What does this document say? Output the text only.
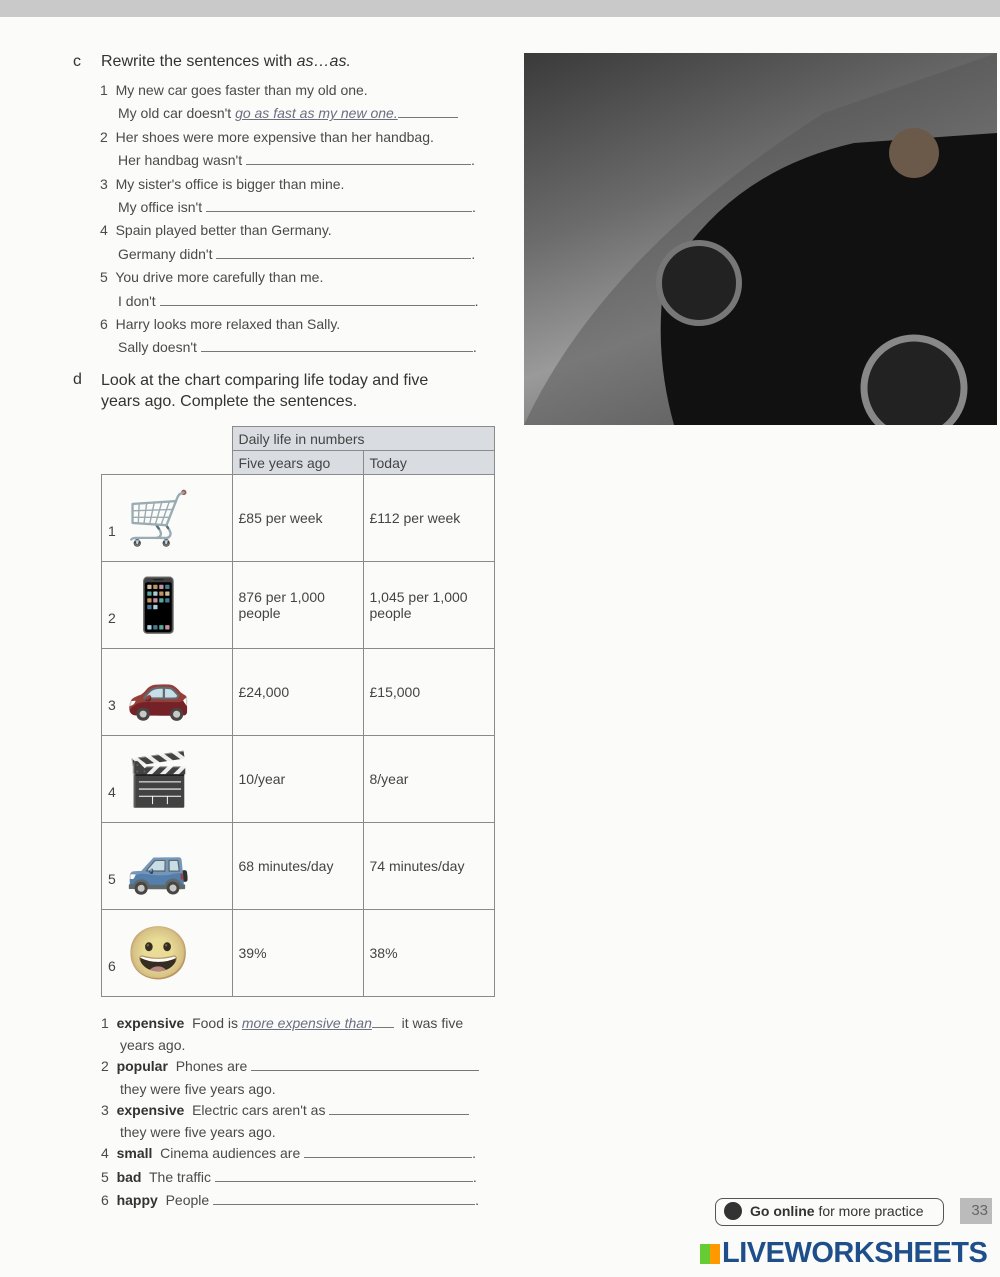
c Rewrite the sentences with as…as.
1 My new car goes faster than my old one.
My old car doesn't go as fast as my new one.
2 Her shoes were more expensive than her handbag.
Her handbag wasn't	.
3 My sister's office is bigger than mine.
My office isn't	.
4 Spain played better than Germany.
Germany didn't	.
5 You drive more carefully than me.
I don't	.
6 Harry looks more relaxed than Sally.
Sally doesn't	.
d Look at the chart comparing life today and five
years ago. Complete the sentences.
	Daily life in numbers	
	Five years ago	Today
1 🛒	£85 per week	£112 per week
2 📱	876 per 1,000 people	1,045 per 1,000 people
3 🚗	£24,000	£15,000
4 🎬	10/year	8/year
5 🚙	68 minutes/day	74 minutes/day
6 😀	39%	38%
1 expensive Food is more expensive than it was five
years ago.
2 popular Phones are
they were five years ago.
3 expensive Electric cars aren't as
they were five years ago.
4 small Cinema audiences are	.
5 bad The traffic	.
6 happy People	.
Go online for more practice	33
LIVEWORKSHEETS
